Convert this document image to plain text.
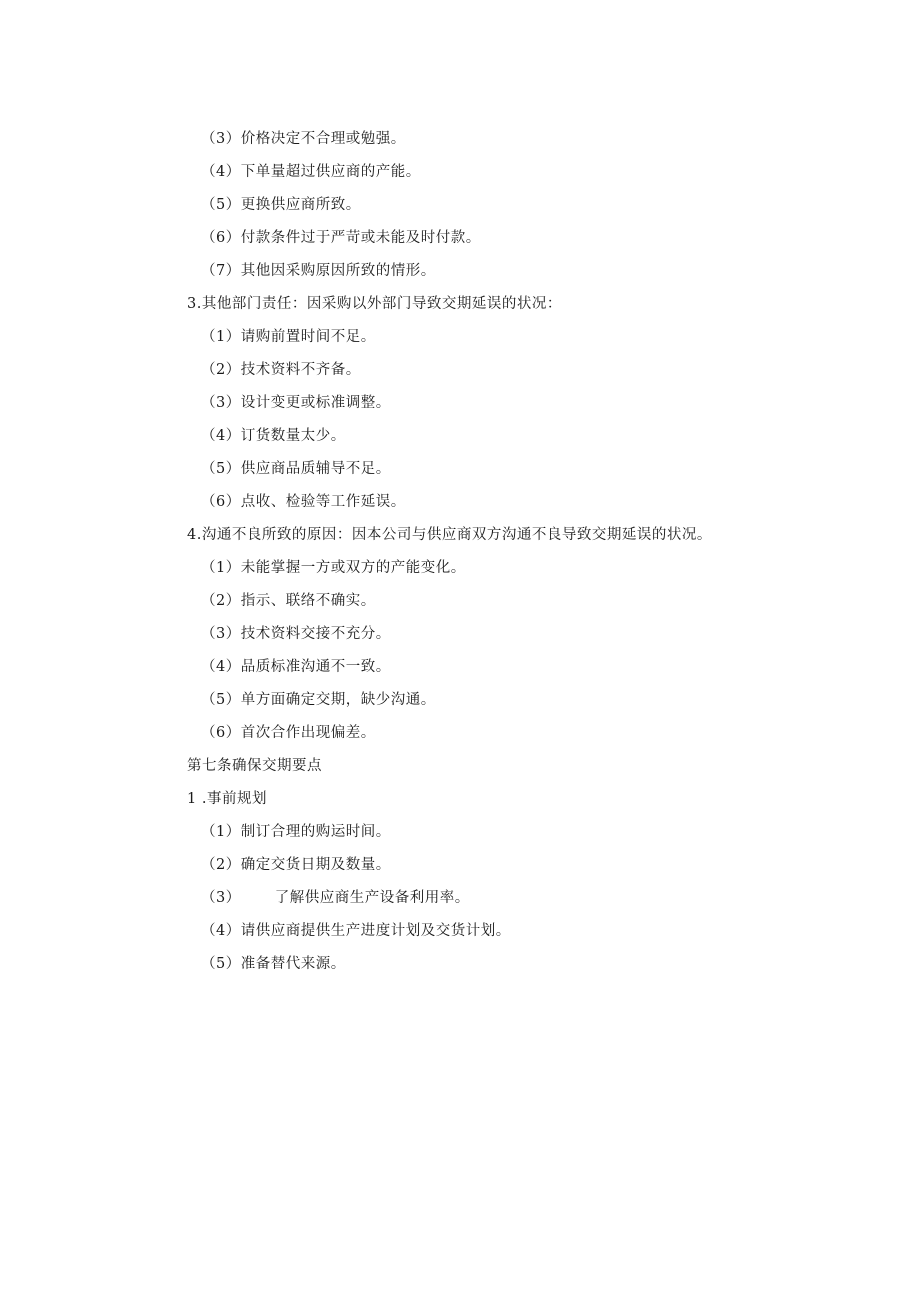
（3）价格决定不合理或勉强。
（4）下单量超过供应商的产能。
（5）更换供应商所致。
（6）付款条件过于严苛或未能及时付款。
（7）其他因采购原因所致的情形。
3.其他部门责任：因采购以外部门导致交期延误的状况：
（1）请购前置时间不足。
（2）技术资料不齐备。
（3）设计变更或标准调整。
（4）订货数量太少。
（5）供应商品质辅导不足。
（6）点收、检验等工作延误。
4.沟通不良所致的原因：因本公司与供应商双方沟通不良导致交期延误的状况。
（1）未能掌握一方或双方的产能变化。
（2）指示、联络不确实。
（3）技术资料交接不充分。
（4）品质标准沟通不一致。
（5）单方面确定交期，缺少沟通。
（6）首次合作出现偏差。
第七条确保交期要点
1 .事前规划
（1）制订合理的购运时间。
（2）确定交货日期及数量。
（3） 了解供应商生产设备利用率。
（4）请供应商提供生产进度计划及交货计划。
（5）准备替代来源。
